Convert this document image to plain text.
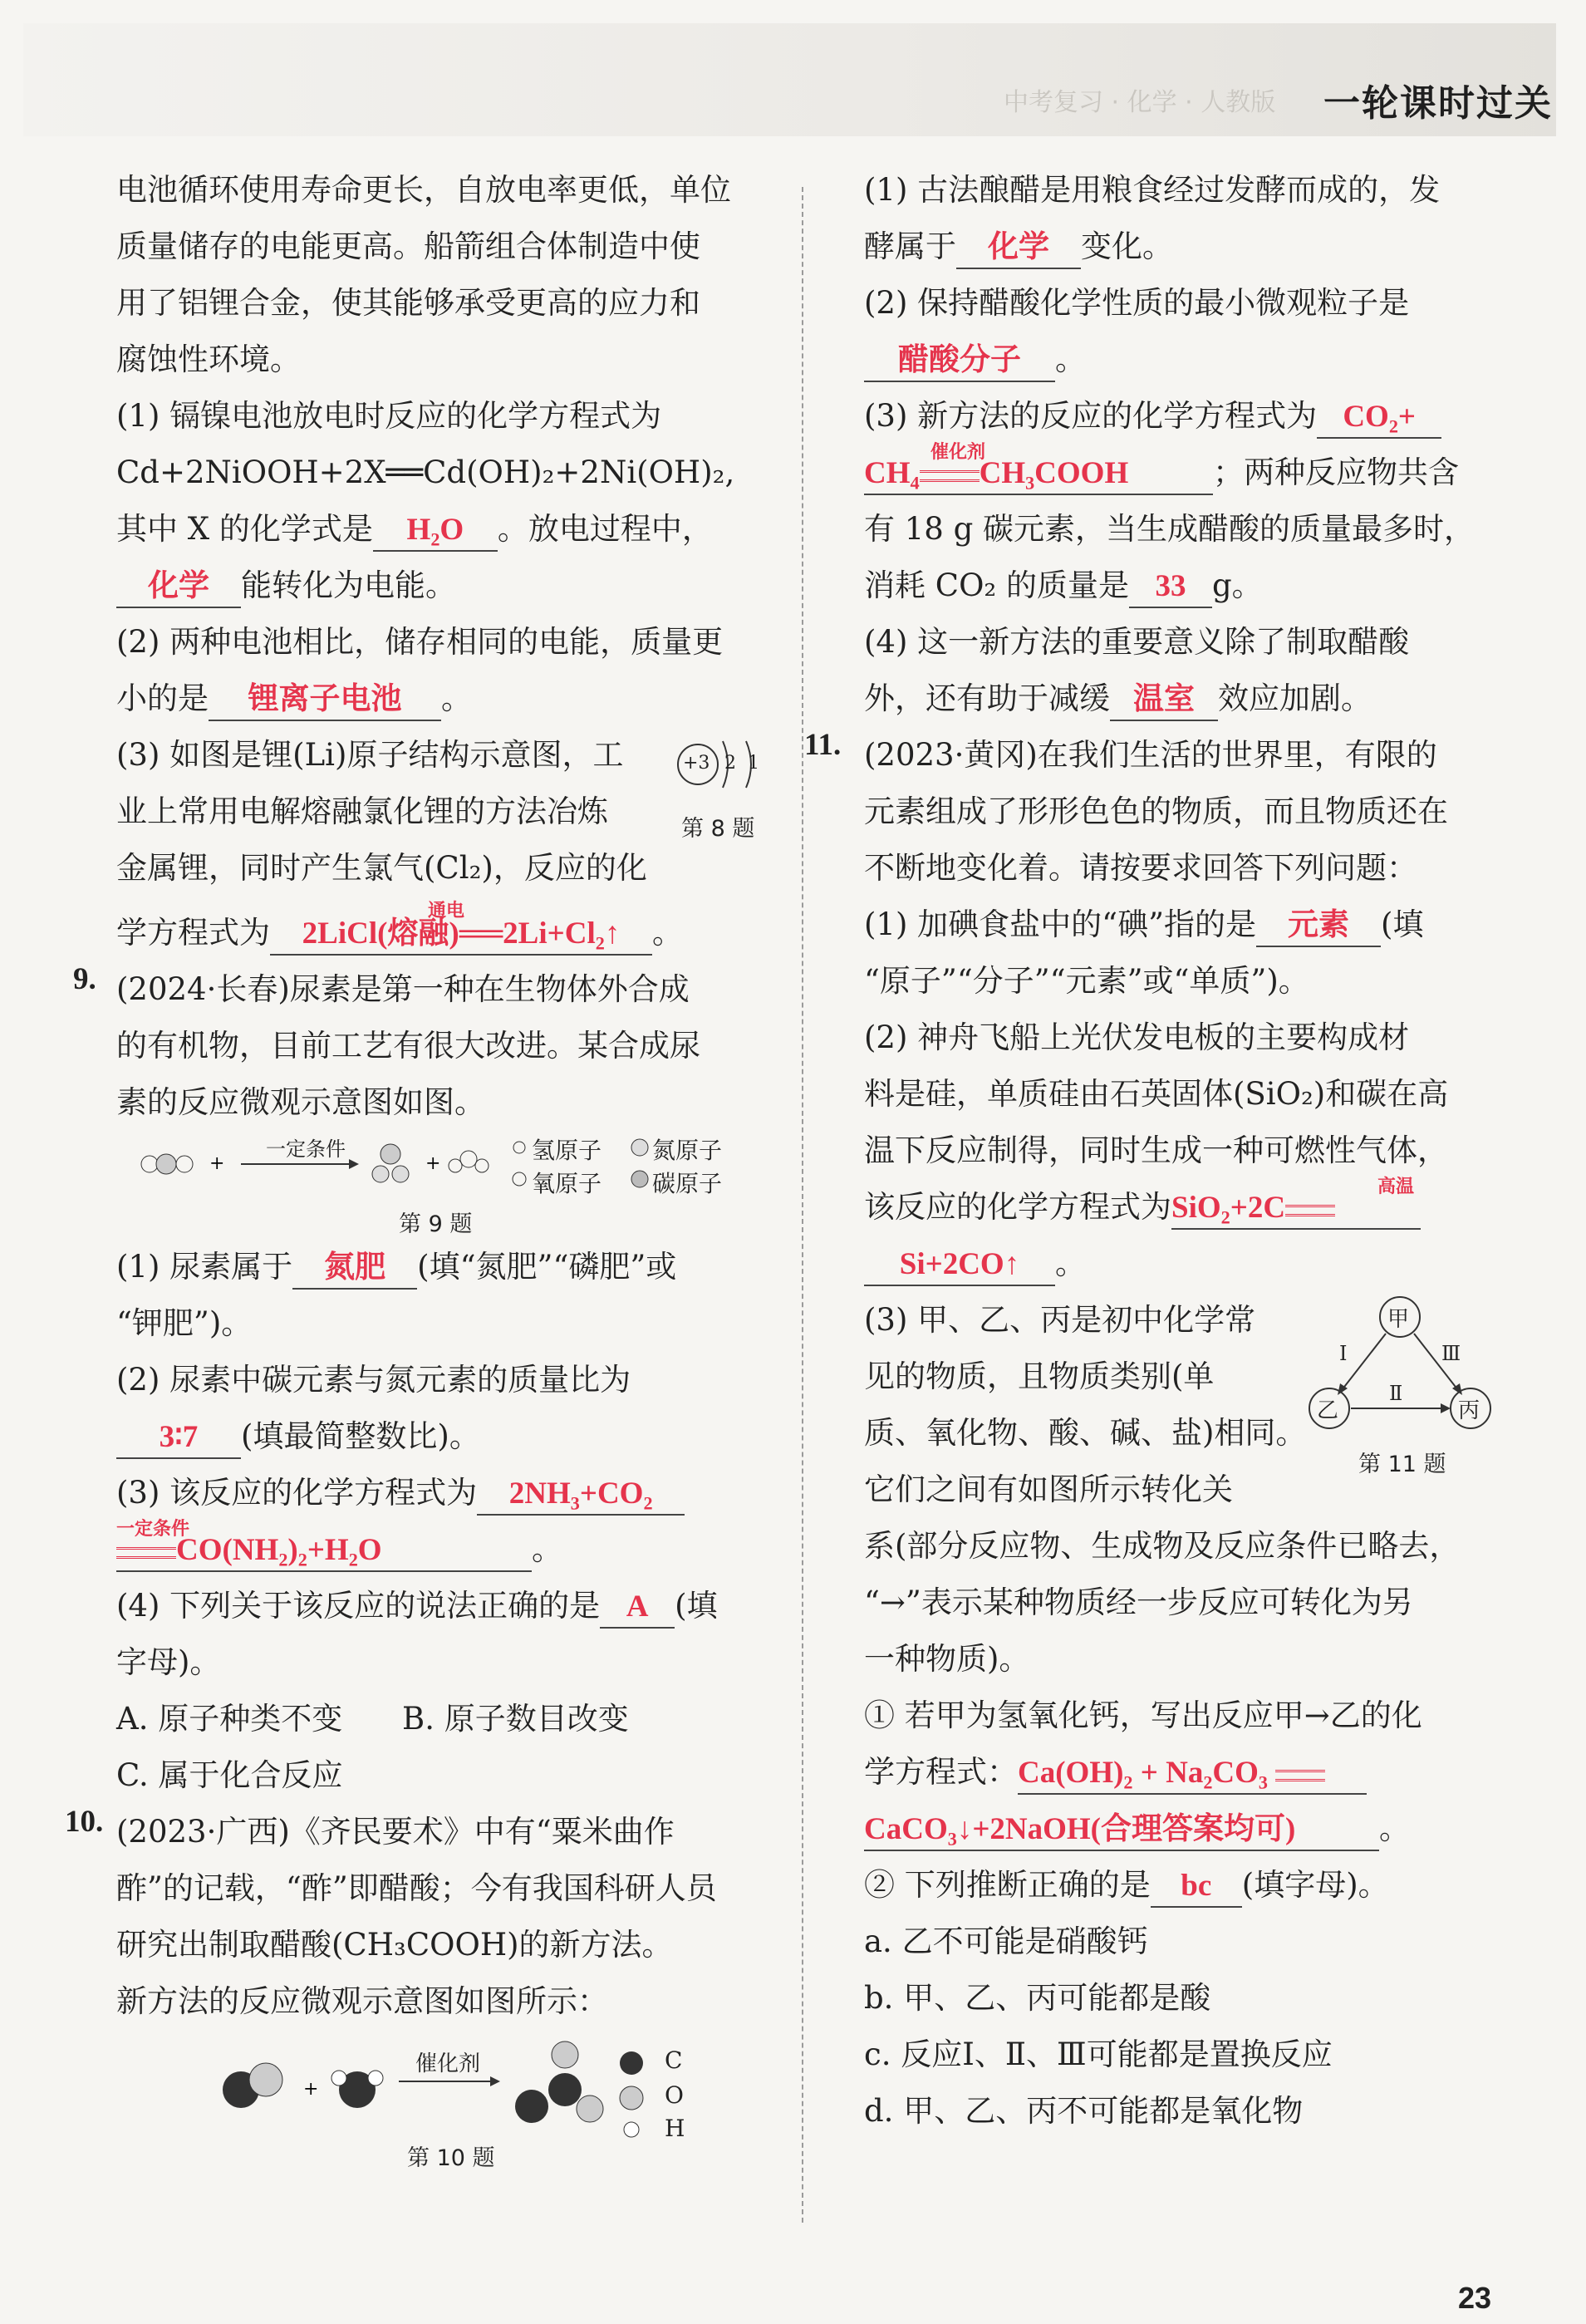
中考复习 · 化学 · 人教版 一轮课时过关
电池循环使用寿命更长，自放电率更低，单位
质量储存的电能更高。船箭组合体制造中使
用了铝锂合金，使其能够承受更高的应力和
腐蚀性环境。
(1) 镉镍电池放电时反应的化学方程式为
Cd+2NiOOH+2X══Cd(OH)₂+2Ni(OH)₂,
其中 X 的化学式是 H₂O 。放电过程中，
化学 能转化为电能。
(2) 两种电池相比，储存相同的电能，质量更
小的是 锂离子电池 。
(3) 如图是锂(Li)原子结构示意图，工
业上常用电解熔融氯化锂的方法冶炼
金属锂，同时产生氯气(Cl₂)，反应的化
+3 2  1
第 8 题
学方程式为
通电
2LiCl(熔融)══2Li+Cl₂↑ 。
9. (2024·长春)尿素是第一种在生物体外合成
的有机物，目前工艺有很大改进。某合成尿
素的反应微观示意图如图。
+	+
一定条件	氢原子 氮原子
氧原子 碳原子
第 9 题
(1) 尿素属于 氮肥 (填“氮肥”“磷肥”或
“钾肥”)。
(2) 尿素中碳元素与氮元素的质量比为
3∶7 (填最简整数比)。
(3) 该反应的化学方程式为 2NH₃+CO₂
一定条件
CO(NH₂)₂+H₂O	。
(4) 下列关于该反应的说法正确的是 A (填
字母)。
A. 原子种类不变 B. 原子数目改变
C. 属于化合反应
10. (2023·广西)《齐民要术》中有“粟米曲作
酢”的记载，“酢”即醋酸；今有我国科研人员
研究出制取醋酸(CH₃COOH)的新方法。
新方法的反应微观示意图如图所示：
+
催化剂	C
O
H
第 10 题
(1) 古法酿醋是用粮食经过发酵而成的，发
酵属于 化学 变化。
(2) 保持醋酸化学性质的最小微观粒子是
醋酸分子 。
(3) 新方法的反应的化学方程式为 CO₂+
CH₄
催化剂
CH₃COOH	；两种反应物共含
有 18 g 碳元素，当生成醋酸的质量最多时，
消耗 CO₂ 的质量是 33 g。
(4) 这一新方法的重要意义除了制取醋酸
外，还有助于减缓 温室 效应加剧。
11. (2023·黄冈)在我们生活的世界里，有限的
元素组成了形形色色的物质，而且物质还在
不断地变化着。请按要求回答下列问题：
(1) 加碘食盐中的“碘”指的是 元素 (填
“原子”“分子”“元素”或“单质”)。
(2) 神舟飞船上光伏发电板的主要构成材
料是硅，单质硅由石英固体(SiO₂)和碳在高
温下反应制得，同时生成一种可燃性气体，
该反应的化学方程式为SiO₂+2C
高温
Si+2CO↑ 。
(3) 甲、乙、丙是初中化学常
见的物质，且物质类别(单
质、氧化物、酸、碱、盐)相同。
它们之间有如图所示转化关
甲
乙	丙
Ⅰ
Ⅱ
Ⅲ
第 11 题
系(部分反应物、生成物及反应条件已略去，
“→”表示某种物质经一步反应可转化为另
一种物质)。
① 若甲为氢氧化钙，写出反应甲→乙的化
学方程式：Ca(OH)₂ + Na₂CO₃
CaCO₃↓+2NaOH(合理答案均可)	。
② 下列推断正确的是 bc (填字母)。
a. 乙不可能是硝酸钙
b. 甲、乙、丙可能都是酸
c. 反应Ⅰ、Ⅱ、Ⅲ可能都是置换反应
d. 甲、乙、丙不可能都是氧化物
23
